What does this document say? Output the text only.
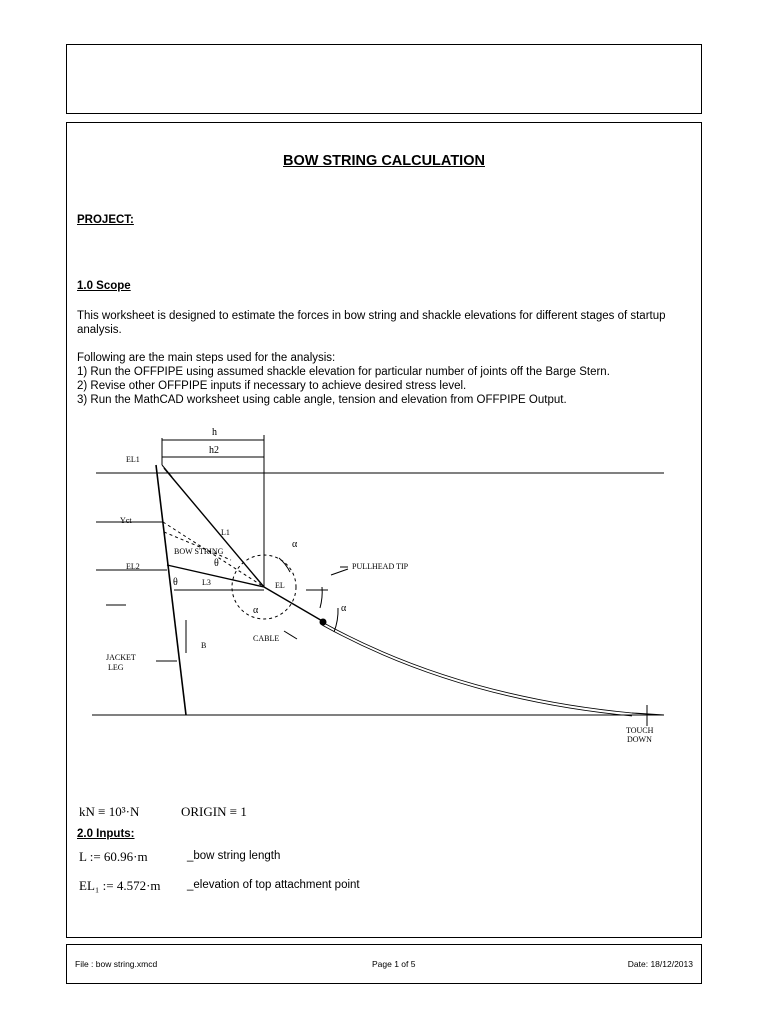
BOW STRING CALCULATION
PROJECT:
1.0 Scope
This worksheet is designed to estimate the forces in bow string and shackle elevations for different stages of startup
analysis.
Following are the main steps used for the analysis:
1) Run the OFFPIPE using assumed shackle elevation for particular number of joints off the Barge Stern.
2) Revise other OFFPIPE inputs if necessary to achieve desired stress level.
3) Run the MathCAD worksheet using cable angle, tension and elevation from OFFPIPE Output.
kN ≡ 10³·N	ORIGIN ≡ 1
2.0 Inputs:
L := 60.96·m	_bow string length
EL₁ := 4.572·m _elevation of top attachment point
h
h2
EL1
Yct
L1
BOW STRING
EL2
L3	EL
PULLHEAD TIP
CABLE
JACKET
LEG
B
TOUCH
DOWN
α
α
α
θ
θ
File : bow string.xmcd	Page 1 of 5	Date: 18/12/2013
